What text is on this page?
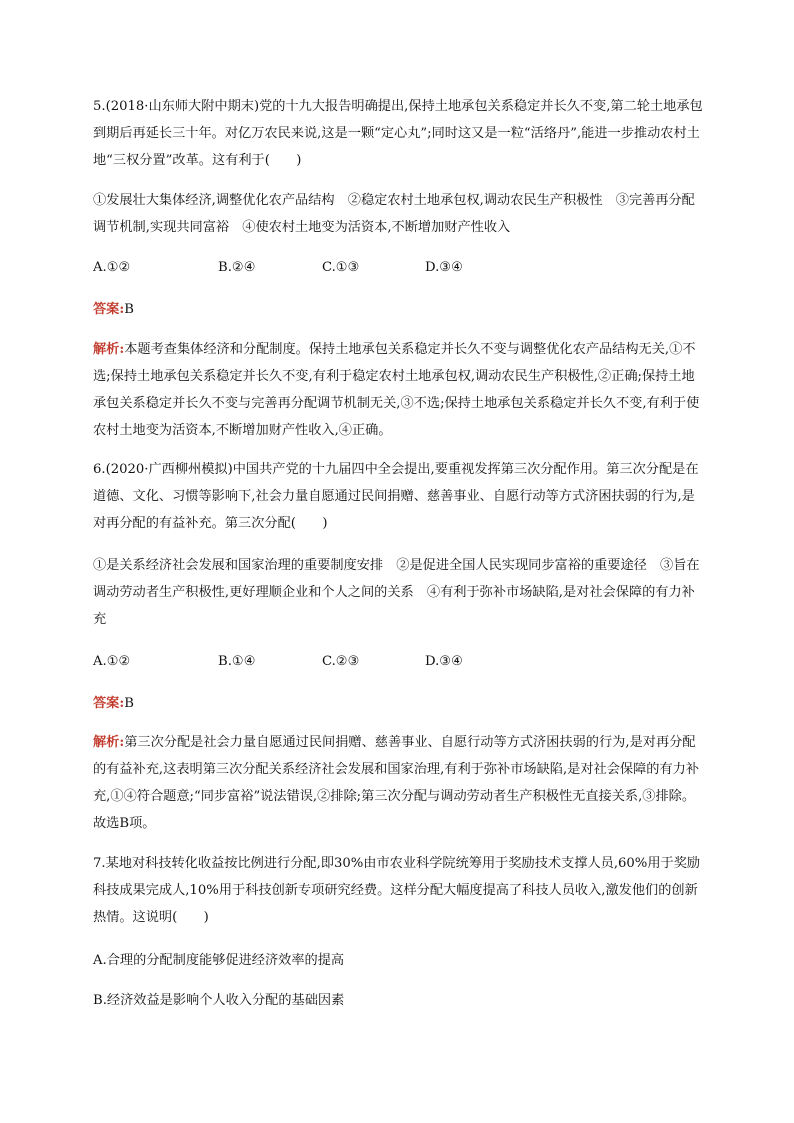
5.(2018·山东师大附中期末)党的十九大报告明确提出,保持土地承包关系稳定并长久不变,第二轮土地承包到期后再延长三十年。对亿万农民来说,这是一颗“定心丸”;同时这又是一粒“活络丹”,能进一步推动农村土地“三权分置”改革。这有利于(　　)
①发展壮大集体经济,调整优化农产品结构　②稳定农村土地承包权,调动农民生产积极性　③完善再分配调节机制,实现共同富裕　④使农村土地变为活资本,不断增加财产性收入
A.①②	B.②④	C.①③	D.③④
答案:B
解析:本题考查集体经济和分配制度。保持土地承包关系稳定并长久不变与调整优化农产品结构无关,①不选;保持土地承包关系稳定并长久不变,有利于稳定农村土地承包权,调动农民生产积极性,②正确;保持土地承包关系稳定并长久不变与完善再分配调节机制无关,③不选;保持土地承包关系稳定并长久不变,有利于使农村土地变为活资本,不断增加财产性收入,④正确。
6.(2020·广西柳州模拟)中国共产党的十九届四中全会提出,要重视发挥第三次分配作用。第三次分配是在道德、文化、习惯等影响下,社会力量自愿通过民间捐赠、慈善事业、自愿行动等方式济困扶弱的行为,是对再分配的有益补充。第三次分配(　　)
①是关系经济社会发展和国家治理的重要制度安排　②是促进全国人民实现同步富裕的重要途径　③旨在调动劳动者生产积极性,更好理顺企业和个人之间的关系　④有利于弥补市场缺陷,是对社会保障的有力补充
A.①②	B.①④	C.②③	D.③④
答案:B
解析:第三次分配是社会力量自愿通过民间捐赠、慈善事业、自愿行动等方式济困扶弱的行为,是对再分配的有益补充,这表明第三次分配关系经济社会发展和国家治理,有利于弥补市场缺陷,是对社会保障的有力补充,①④符合题意;“同步富裕”说法错误,②排除;第三次分配与调动劳动者生产积极性无直接关系,③排除。故选B项。
7.某地对科技转化收益按比例进行分配,即30%由市农业科学院统筹用于奖励技术支撑人员,60%用于奖励科技成果完成人,10%用于科技创新专项研究经费。这样分配大幅度提高了科技人员收入,激发他们的创新热情。这说明(　　)
A.合理的分配制度能够促进经济效率的提高
B.经济效益是影响个人收入分配的基础因素
